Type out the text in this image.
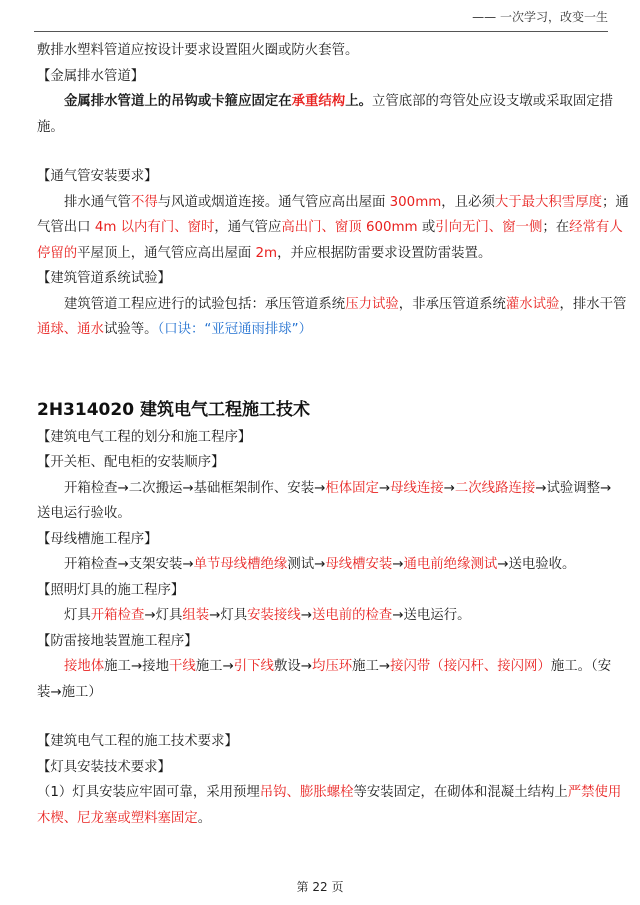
—— 一次学习，改变一生
敷排水塑料管道应按设计要求设置阻火圈或防火套管。
【金属排水管道】
金属排水管道上的吊钩或卡箍应固定在承重结构上。立管底部的弯管处应设支墩或采取固定措
施。
【通气管安装要求】
排水通气管不得与风道或烟道连接。通气管应高出屋面 300mm，且必须大于最大积雪厚度；通
气管出口 4m 以内有门、窗时，通气管应高出门、窗顶 600mm 或引向无门、窗一侧；在经常有人
停留的平屋顶上，通气管应高出屋面 2m，并应根据防雷要求设置防雷装置。
【建筑管道系统试验】
建筑管道工程应进行的试验包括：承压管道系统压力试验，非承压管道系统灌水试验，排水干管
通球、通水试验等。（口诀：“亚冠通雨排球”）
2H314020 建筑电气工程施工技术
【建筑电气工程的划分和施工程序】
【开关柜、配电柜的安装顺序】
开箱检查→二次搬运→基础框架制作、安装→柜体固定→母线连接→二次线路连接→试验调整→
送电运行验收。
【母线槽施工程序】
开箱检查→支架安装→单节母线槽绝缘测试→母线槽安装→通电前绝缘测试→送电验收。
【照明灯具的施工程序】
灯具开箱检查→灯具组装→灯具安装接线→送电前的检查→送电运行。
【防雷接地装置施工程序】
接地体施工→接地干线施工→引下线敷设→均压环施工→接闪带（接闪杆、接闪网）施工。（安
装→施工）
【建筑电气工程的施工技术要求】
【灯具安装技术要求】
（1）灯具安装应牢固可靠，采用预埋吊钩、膨胀螺栓等安装固定，在砌体和混凝土结构上严禁使用
木楔、尼龙塞或塑料塞固定。
第 22 页
